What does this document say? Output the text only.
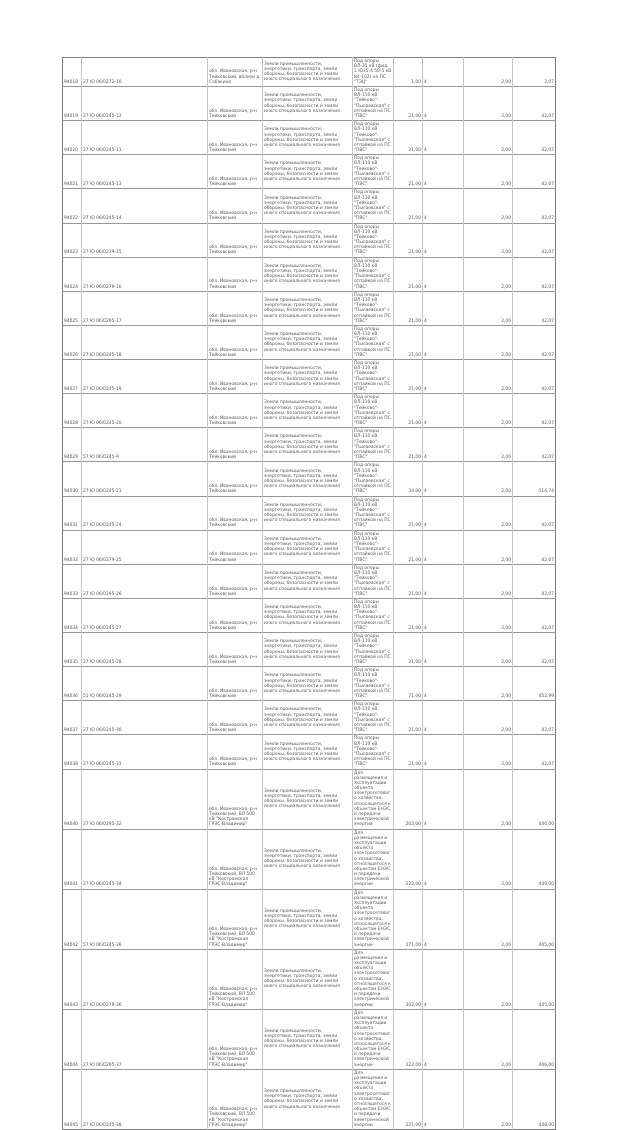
94018	27 Ю 06/0272-10	обл. Ивановская, р-н Тейковский, вблизи д. Собакино	Земли промышленности, энергетики, транспорта, земли обороны, безопасности и земли иного специального назначения	Под опоры ВЛ-35 кВ (фид. 1 Ю35-4 50-5 кВ 84-102) на ПС "ТЭЦ"	1,00	4	2,00	2,07
94019	27 Ю 06/0245-12	обл. Ивановская, р-н Тейковский	Земли промышленности, энергетики, транспорта, земли обороны, безопасности и земли иного специального назначения	Под опоры ВЛ-110 кВ "Тейково"-"Пылаевская" с отпайкой на ПС "ПВС"	21,00	4	2,00	42,07
94020	27 Ю 06/0245-11	обл. Ивановская, р-н Тейковский	Земли промышленности, энергетики, транспорта, земли обороны, безопасности и земли иного специального назначения	Под опоры ВЛ-110 кВ "Тейково"-"Пылаевская" с отпайкой на ПС "ПВС"	21,00	4	2,00	42,07
94021	27 Ю 06/0245-13	обл. Ивановская, р-н Тейковский	Земли промышленности, энергетики, транспорта, земли обороны, безопасности и земли иного специального назначения	Под опоры ВЛ-110 кВ "Тейково"-"Пылаевская" с отпайкой на ПС "ПВС"	21,00	4	2,00	42,07
94022	27 Ю 06/0245-14	обл. Ивановская, р-н Тейковский	Земли промышленности, энергетики, транспорта, земли обороны, безопасности и земли иного специального назначения	Под опоры ВЛ-110 кВ "Тейково"-"Пылаевская" с отпайкой на ПС "ПВС"	21,00	4	2,00	42,07
94023	27 Ю 06/0279-15	обл. Ивановская, р-н Тейковский	Земли промышленности, энергетики, транспорта, земли обороны, безопасности и земли иного специального назначения	Под опоры ВЛ-110 кВ "Тейково"-"Пылаевская" с отпайкой на ПС "ПВС"	21,00	4	2,00	42,07
94024	27 Ю 06/0279-16	обл. Ивановская, р-н Тейковский	Земли промышленности, энергетики, транспорта, земли обороны, безопасности и земли иного специального назначения	Под опоры ВЛ-110 кВ "Тейково"-"Пылаевская" с отпайкой на ПС "ПВС"	21,00	4	2,00	42,07
94025	27 Ю 06/0295-17	обл. Ивановская, р-н Тейковский	Земли промышленности, энергетики, транспорта, земли обороны, безопасности и земли иного специального назначения	Под опоры ВЛ-110 кВ "Тейково"-"Пылаевская" с отпайкой на ПС "ПВС"	21,00	4	2,00	42,07
94026	27 Ю 06/0245-18	обл. Ивановская, р-н Тейковский	Земли промышленности, энергетики, транспорта, земли обороны, безопасности и земли иного специального назначения	Под опоры ВЛ-110 кВ "Тейково"-"Пылаевская" с отпайкой на ПС "ПВС"	21,00	4	2,00	42,07
94027	27 Ю 06/0245-19	обл. Ивановская, р-н Тейковский	Земли промышленности, энергетики, транспорта, земли обороны, безопасности и земли иного специального назначения	Под опоры ВЛ-110 кВ "Тейково"-"Пылаевская" с отпайкой на ПС "ПВС"	21,00	4	2,00	42,07
94028	27 Ю 06/0245-20	обл. Ивановская, р-н Тейковский	Земли промышленности, энергетики, транспорта, земли обороны, безопасности и земли иного специального назначения	Под опоры ВЛ-110 кВ "Тейково"-"Пылаевская" с отпайкой на ПС "ПВС"	21,00	4	2,00	42,07
94029	57 Ю 06/0245-9	обл. Ивановская, р-н Тейковский	Земли промышленности, энергетики, транспорта, земли обороны, безопасности и земли иного специального назначения	Под опоры ВЛ-110 кВ "Тейково"-"Пылаевская" с отпайкой на ПС "ПВС"	21,00	4	2,00	42,07
94030	27 Ю 06/0245-21	обл. Ивановская, р-н Тейковский	Земли промышленности, энергетики, транспорта, земли обороны, безопасности и земли иного специального назначения	Под опоры ВЛ-110 кВ "Тейково"-"Пылаевская" с отпайкой на ПС "ПВС"	34,00	4	2,00	114,74
94031	27 Ю 06/0245-24	обл. Ивановская, р-н Тейковский	Земли промышленности, энергетики, транспорта, земли обороны, безопасности и земли иного специального назначения	Под опоры ВЛ-110 кВ "Тейково"-"Пылаевская" с отпайкой на ПС "ПВС"	21,00	4	2,00	42,07
94032	27 Ю 06/0279-25	обл. Ивановская, р-н Тейковский	Земли промышленности, энергетики, транспорта, земли обороны, безопасности и земли иного специального назначения	Под опоры ВЛ-110 кВ "Тейково"-"Пылаевская" с отпайкой на ПС "ПВС"	21,00	4	2,00	42,07
94033	27 Ю 06/0295-26	обл. Ивановская, р-н Тейковский	Земли промышленности, энергетики, транспорта, земли обороны, безопасности и земли иного специального назначения	Под опоры ВЛ-110 кВ "Тейково"-"Пылаевская" с отпайкой на ПС "ПВС"	21,00	4	2,00	42,07
94034	27 Ю 06/0245-27	обл. Ивановская, р-н Тейковский	Земли промышленности, энергетики, транспорта, земли обороны, безопасности и земли иного специального назначения	Под опоры ВЛ-110 кВ "Тейково"-"Пылаевская" с отпайкой на ПС "ПВС"	21,00	4	2,00	42,07
94035	27 Ю 06/0245-28	обл. Ивановская, р-н Тейковский	Земли промышленности, энергетики, транспорта, земли обороны, безопасности и земли иного специального назначения	Под опоры ВЛ-110 кВ "Тейково"-"Пылаевская" с отпайкой на ПС "ПВС"	21,00	4	2,00	42,07
94036	51 Ю 06/0245-29	обл. Ивановская, р-н Тейковский	Земли промышленности, энергетики, транспорта, земли обороны, безопасности и земли иного специального назначения	Под опоры ВЛ-110 кВ "Тейково"-"Пылаевская" с отпайкой на ПС "ПВС"	71,00	4	2,00	452,99
94037	27 Ю 06/0245-30	обл. Ивановская, р-н Тейковский	Земли промышленности, энергетики, транспорта, земли обороны, безопасности и земли иного специального назначения	Под опоры ВЛ-110 кВ "Тейково"-"Пылаевская" с отпайкой на ПС "ПВС"	21,00	4	2,00	42,07
94038	27 Ю 06/0245-31	обл. Ивановская, р-н Тейковский	Земли промышленности, энергетики, транспорта, земли обороны, безопасности и земли иного специального назначения	Под опоры ВЛ-110 кВ "Тейково"-"Пылаевская" с отпайкой на ПС "ПВС"	21,00	4	2,00	42,07
94040	27 Ю 06/0295-32	обл. Ивановская, р-н Тейковский, ВЛ 500 кВ "Костромская ГРЭС-Владимир"	Земли промышленности, энергетики, транспорта, земли обороны, безопасности и земли иного специального назначения	Для размещения и эксплуатации объекта электросетевого хозяйства, относящегося к объектам ЕНЭС, и передачи электрической энергии	202,00	4	2,00	446,00
94041	27 Ю 06/0245-34	обл. Ивановская, р-н Тейковский, ВЛ 500 кВ "Костромская ГРЭС-Владимир"	Земли промышленности, энергетики, транспорта, земли обороны, безопасности и земли иного специального назначения	Для размещения и эксплуатации объекта электросетевого хозяйства, относящегося к объектам ЕНЭС, и передачи электрической энергии	222,00	4	2,00	449,00
94042	57 Ю 06/0245-36	обл. Ивановская, р-н Тейковский, ВЛ 500 кВ "Костромская ГРЭС-Владимир"	Земли промышленности, энергетики, транспорта, земли обороны, безопасности и земли иного специального назначения	Для размещения и эксплуатации объекта электросетевого хозяйства, относящегося к объектам ЕНЭС, и передачи электрической энергии	171,00	4	2,00	445,00
94043	27 Ю 06/0279-36	обл. Ивановская, р-н Тейковский, ВЛ 500 кВ "Костромская ГРЭС-Владимир"	Земли промышленности, энергетики, транспорта, земли обороны, безопасности и земли иного специального назначения	Для размещения и эксплуатации объекта электросетевого хозяйства, относящегося к объектам ЕНЭС, и передачи электрической энергии	302,00	4	2,00	445,00
94044	27 Ю 06/0295-37	обл. Ивановская, р-н Тейковский, ВЛ 500 кВ "Костромская ГРЭС-Владимир"	Земли промышленности, энергетики, транспорта, земли обороны, безопасности и земли иного специального назначения	Для размещения и эксплуатации объекта электросетевого хозяйства, относящегося к объектам ЕНЭС, и передачи электрической энергии	222,00	4	2,00	446,00
94045	27 Ю 06/0245-38	обл. Ивановская, р-н Тейковский, ВЛ 500 кВ "Костромская ГРЭС-Владимир"	Земли промышленности, энергетики, транспорта, земли обороны, безопасности и земли иного специального назначения	Для размещения и эксплуатации объекта электросетевого хозяйства, относящегося к объектам ЕНЭС, и передачи электрической энергии	221,00	4	2,00	448,00
